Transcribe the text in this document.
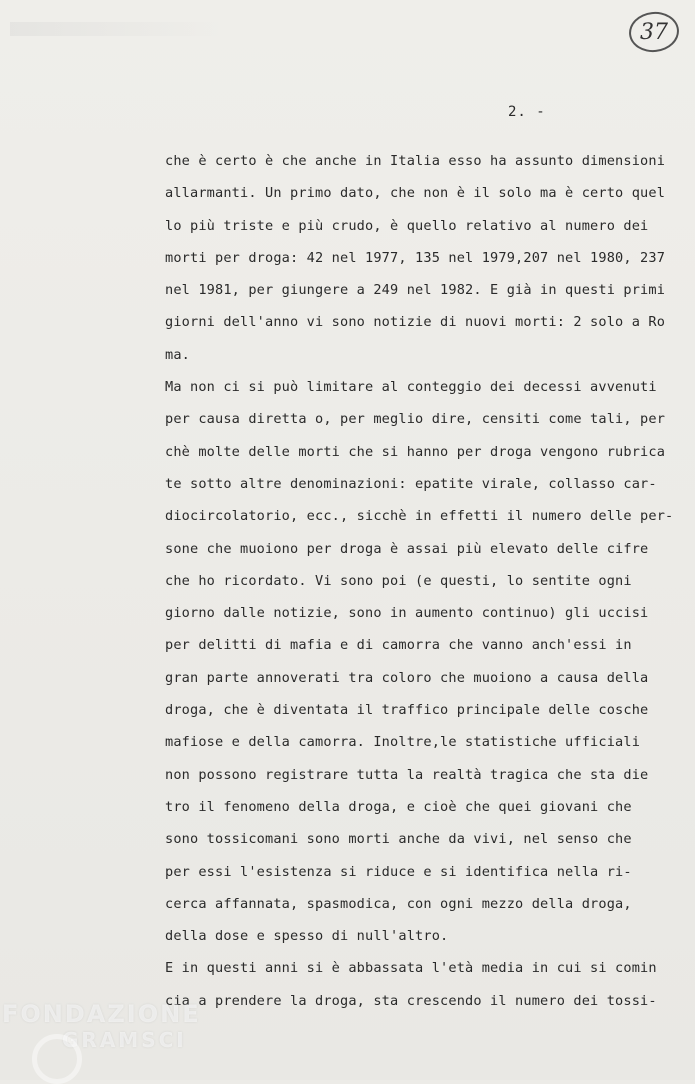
37
2. -
che è certo è che anche in Italia esso ha assunto dimensioni
allarmanti. Un primo dato, che non è il solo ma è certo quel
lo più triste e più crudo, è quello relativo al numero dei
morti per droga: 42 nel 1977, 135 nel 1979,207 nel 1980, 237
nel 1981, per giungere a 249 nel 1982. E già in questi primi
giorni dell'anno vi sono notizie di nuovi morti: 2 solo a Ro
ma.
Ma non ci si può limitare al conteggio dei decessi avvenuti
per causa diretta o, per meglio dire, censiti come tali, per
chè molte delle morti che si hanno per droga vengono rubrica
te sotto altre denominazioni: epatite virale, collasso car-
diocircolatorio, ecc., sicchè in effetti il numero delle per-
sone che muoiono per droga è assai più elevato delle cifre
che ho ricordato. Vi sono poi (e questi, lo sentite ogni
giorno dalle notizie, sono in aumento continuo) gli uccisi
per delitti di mafia e di camorra che vanno anch'essi in
gran parte annoverati tra coloro che muoiono a causa della
droga, che è diventata il traffico principale delle cosche
mafiose e della camorra. Inoltre,le statistiche ufficiali
non possono registrare tutta la realtà tragica che sta die
tro il fenomeno della droga, e cioè che quei giovani che
sono tossicomani sono morti anche da vivi, nel senso che
per essi l'esistenza si riduce e si identifica nella ri-
cerca affannata, spasmodica, con ogni mezzo della droga,
della dose e spesso di null'altro.
E in questi anni si è abbassata l'età media in cui si comin
cia a prendere la droga, sta crescendo il numero dei tossi-
FONDAZIONE
GRAMSCI
